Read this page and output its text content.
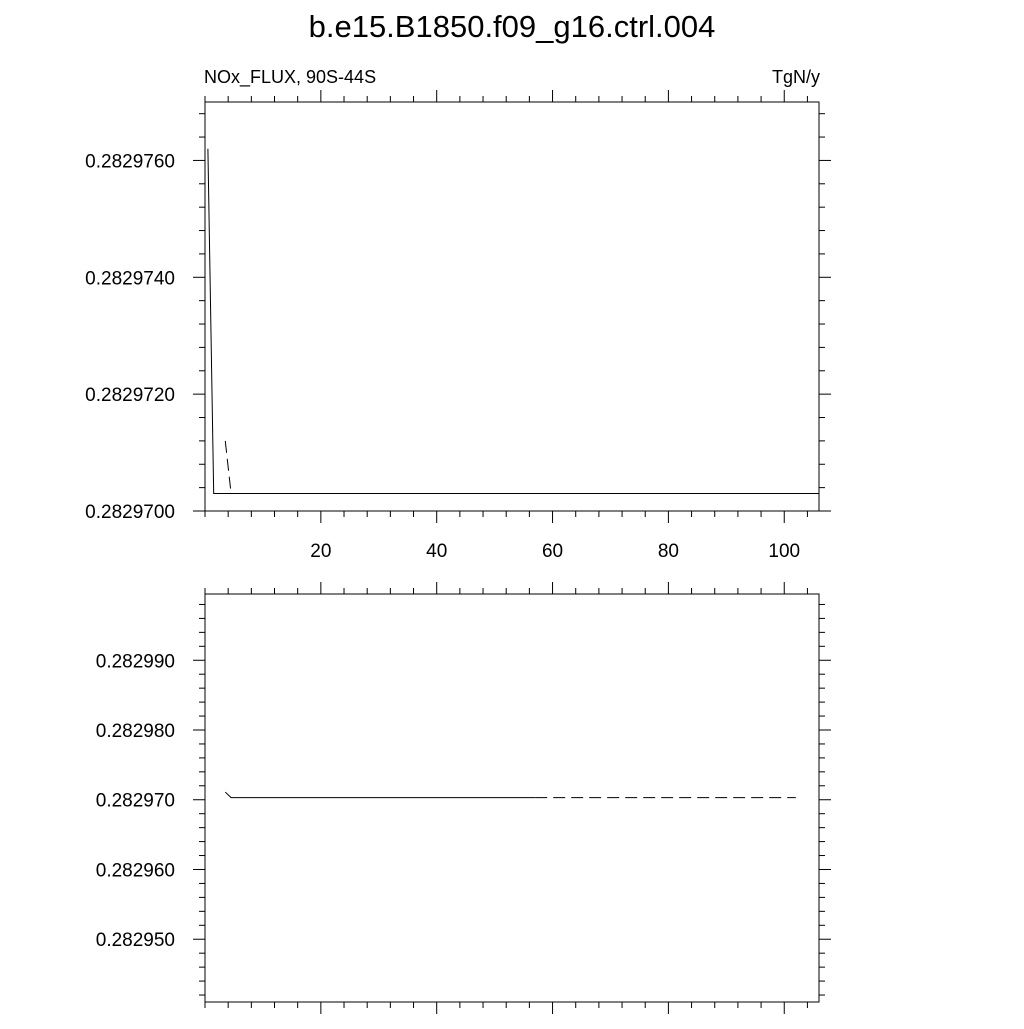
b.e15.B1850.f09_g16.ctrl.004
NOx_FLUX, 90S-44S	TgN/y
20	40	60	80	100
0.2829700
0.2829720
0.2829740
0.2829760
0.282950
0.282960
0.282970
0.282980
0.282990
